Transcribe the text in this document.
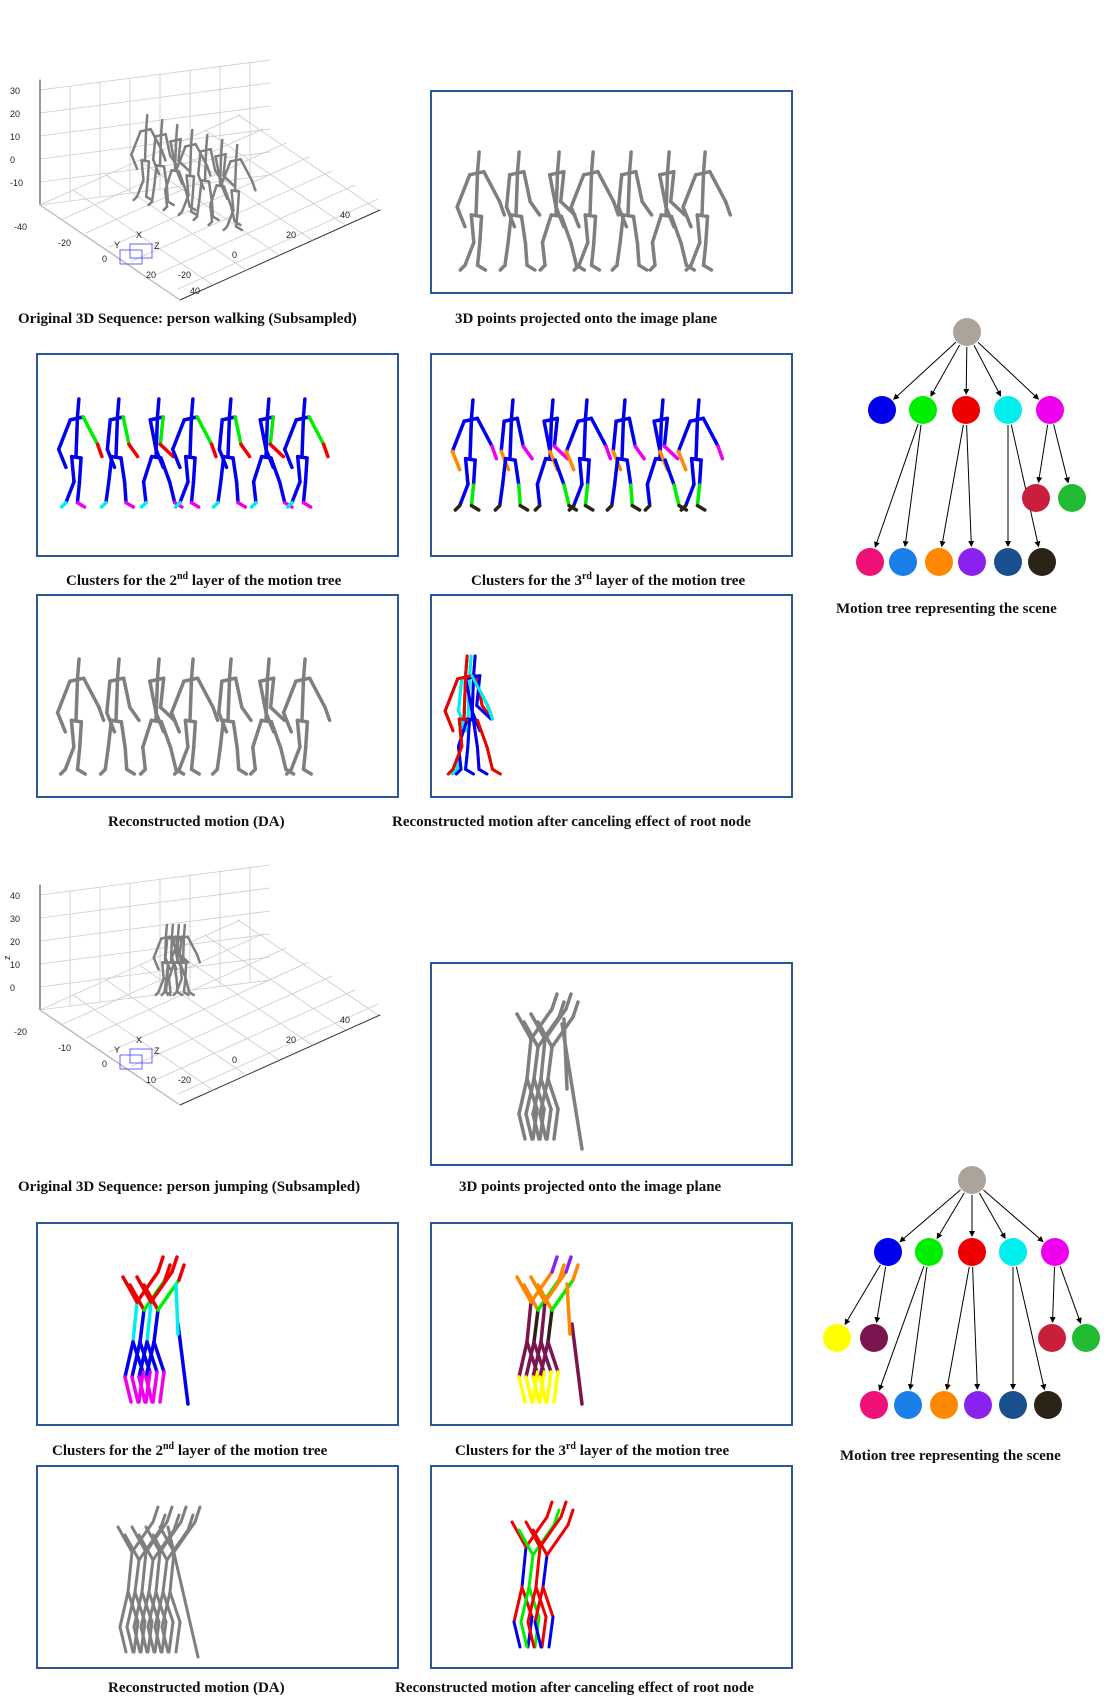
30
20
10
0
-10
-40
-20
0
20
40
40
20
0
-20
Y
X
Z
Original 3D Sequence: person walking (Subsampled)	3D points projected onto the image plane
Clusters for the 2nd layer of the motion tree	Clusters for the 3rd layer of the motion tree
Motion tree representing the scene
Reconstructed motion (DA)	Reconstructed motion after canceling effect of root node
40
30
20
10
0
-20
-10
0
10
40
20
0
-20
z
Y
X
Z
Original 3D Sequence: person jumping (Subsampled)	3D points projected onto the image plane
Clusters for the 2nd layer of the motion tree	Clusters for the 3rd layer of the motion tree	Motion tree representing the scene
Reconstructed motion (DA)	Reconstructed motion after canceling effect of root node
